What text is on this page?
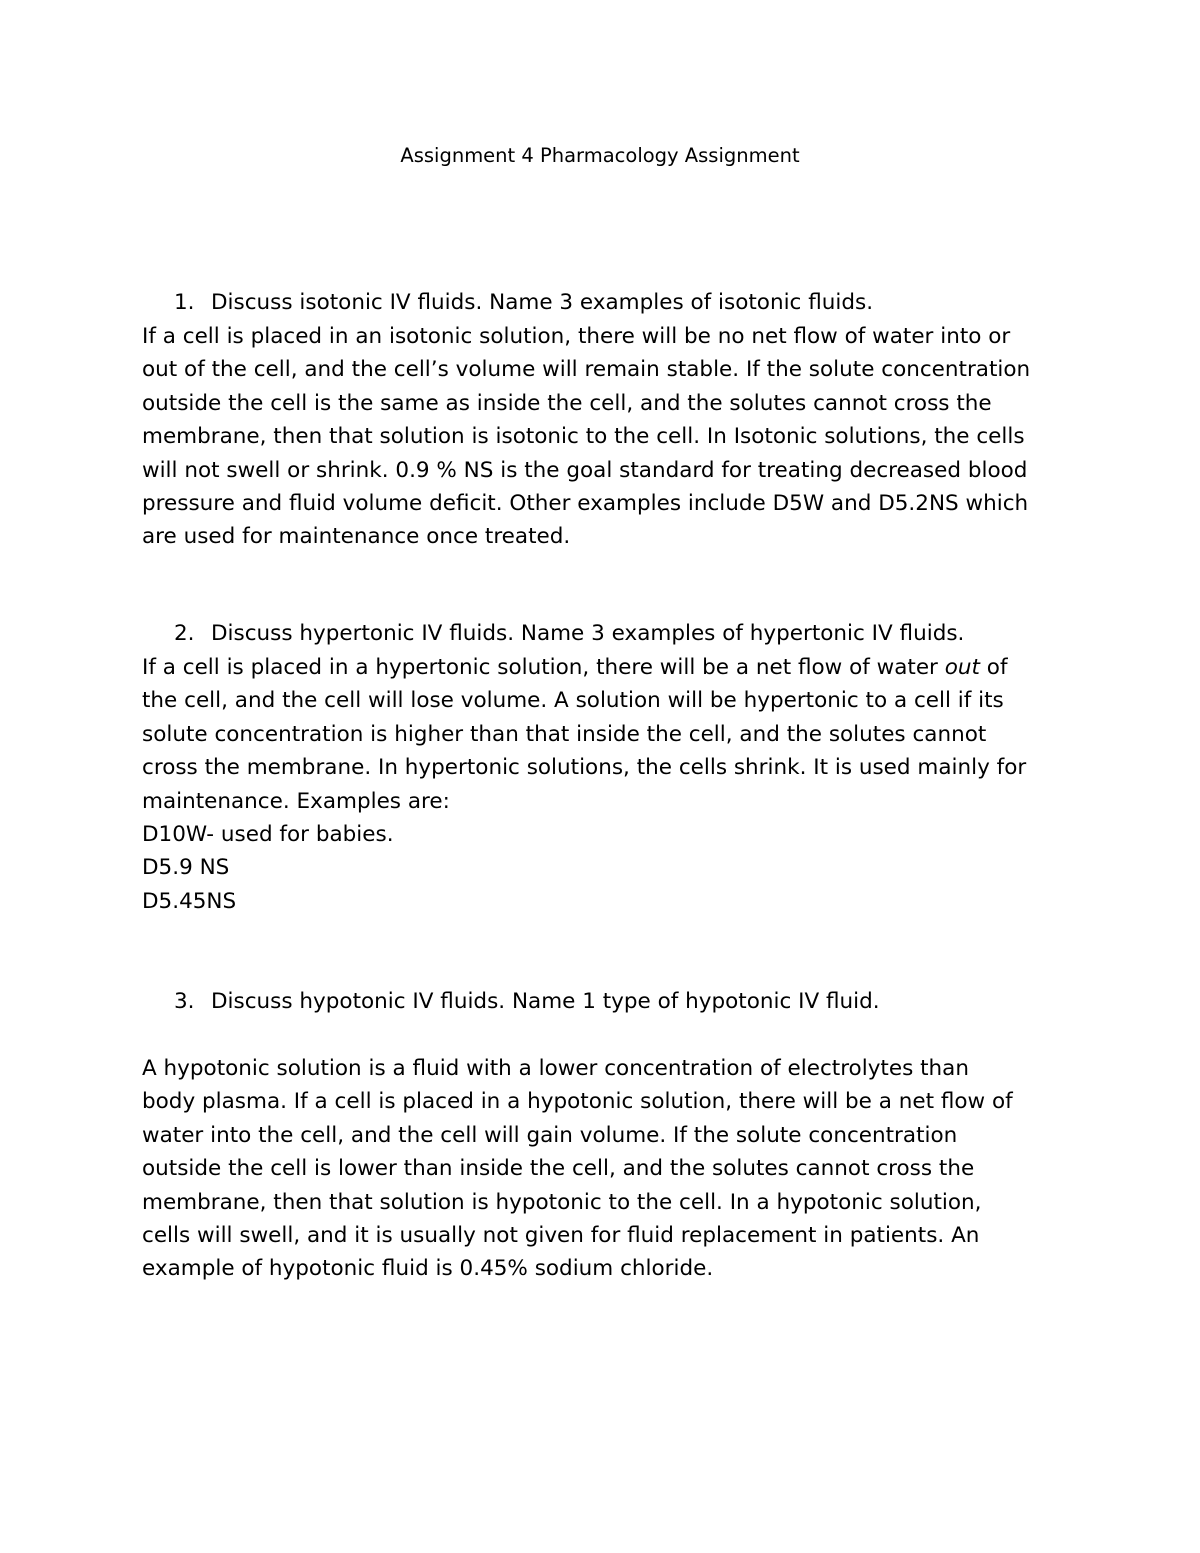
Assignment 4 Pharmacology Assignment

1. Discuss isotonic IV fluids. Name 3 examples of isotonic fluids.

If a cell is placed in an isotonic solution, there will be no net flow of water into or
out of the cell, and the cell’s volume will remain stable. If the solute concentration
outside the cell is the same as inside the cell, and the solutes cannot cross the
membrane, then that solution is isotonic to the cell. In Isotonic solutions, the cells
will not swell or shrink. 0.9 % NS is the goal standard for treating decreased blood
pressure and fluid volume deficit. Other examples include D5W and D5.2NS which
are used for maintenance once treated.

2. Discuss hypertonic IV fluids. Name 3 examples of hypertonic IV fluids.

If a cell is placed in a hypertonic solution, there will be a net flow of water out of
the cell, and the cell will lose volume. A solution will be hypertonic to a cell if its
solute concentration is higher than that inside the cell, and the solutes cannot
cross the membrane. In hypertonic solutions, the cells shrink. It is used mainly for
maintenance. Examples are:
D10W- used for babies.
D5.9 NS
D5.45NS

3. Discuss hypotonic IV fluids. Name 1 type of hypotonic IV fluid.

A hypotonic solution is a fluid with a lower concentration of electrolytes than
body plasma. If a cell is placed in a hypotonic solution, there will be a net flow of
water into the cell, and the cell will gain volume. If the solute concentration
outside the cell is lower than inside the cell, and the solutes cannot cross the
membrane, then that solution is hypotonic to the cell. In a hypotonic solution,
cells will swell, and it is usually not given for fluid replacement in patients. An
example of hypotonic fluid is 0.45% sodium chloride.
